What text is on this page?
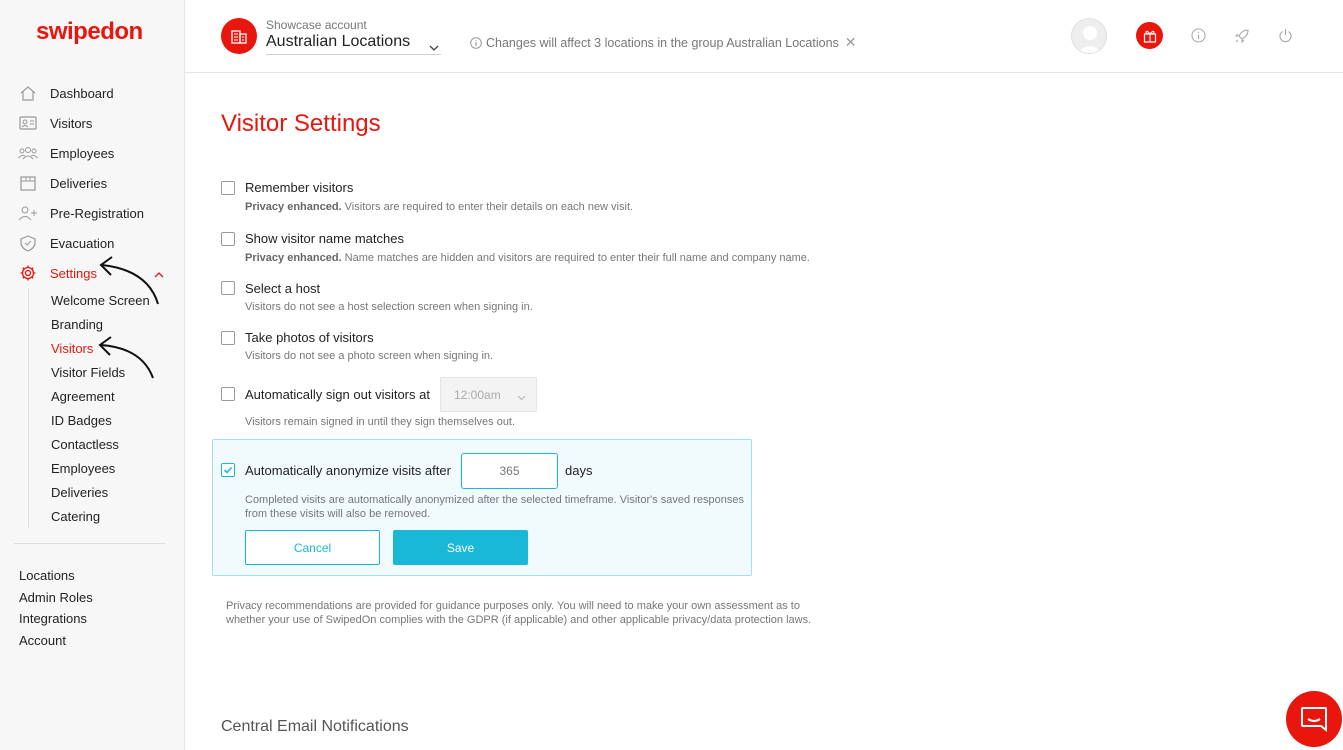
swipedon
Dashboard
Visitors
Employees
Deliveries
Pre-Registration
Evacuation
Settings
Welcome Screen
Branding
Visitors
Visitor Fields
Agreement
ID Badges
Contactless
Employees
Deliveries
Catering
Locations
Admin Roles
Integrations
Account
Showcase account
Australian Locations	Changes will affect 3 locations in the group Australian Locations ✕
Visitor Settings
Remember visitors
Privacy enhanced. Visitors are required to enter their details on each new visit.
Show visitor name matches
Privacy enhanced. Name matches are hidden and visitors are required to enter their full name and company name.
Select a host
Visitors do not see a host selection screen when signing in.
Take photos of visitors
Visitors do not see a photo screen when signing in.
Automatically sign out visitors at
Visitors remain signed in until they sign themselves out.
12:00am
Automatically anonymize visits after
365	days
Completed visits are automatically anonymized after the selected timeframe. Visitor's saved responses from these visits will also be removed.
Cancel	Save
Privacy recommendations are provided for guidance purposes only. You will need to make your own assessment as to whether your use of SwipedOn complies with the GDPR (if applicable) and other applicable privacy/data protection laws.
Central Email Notifications
